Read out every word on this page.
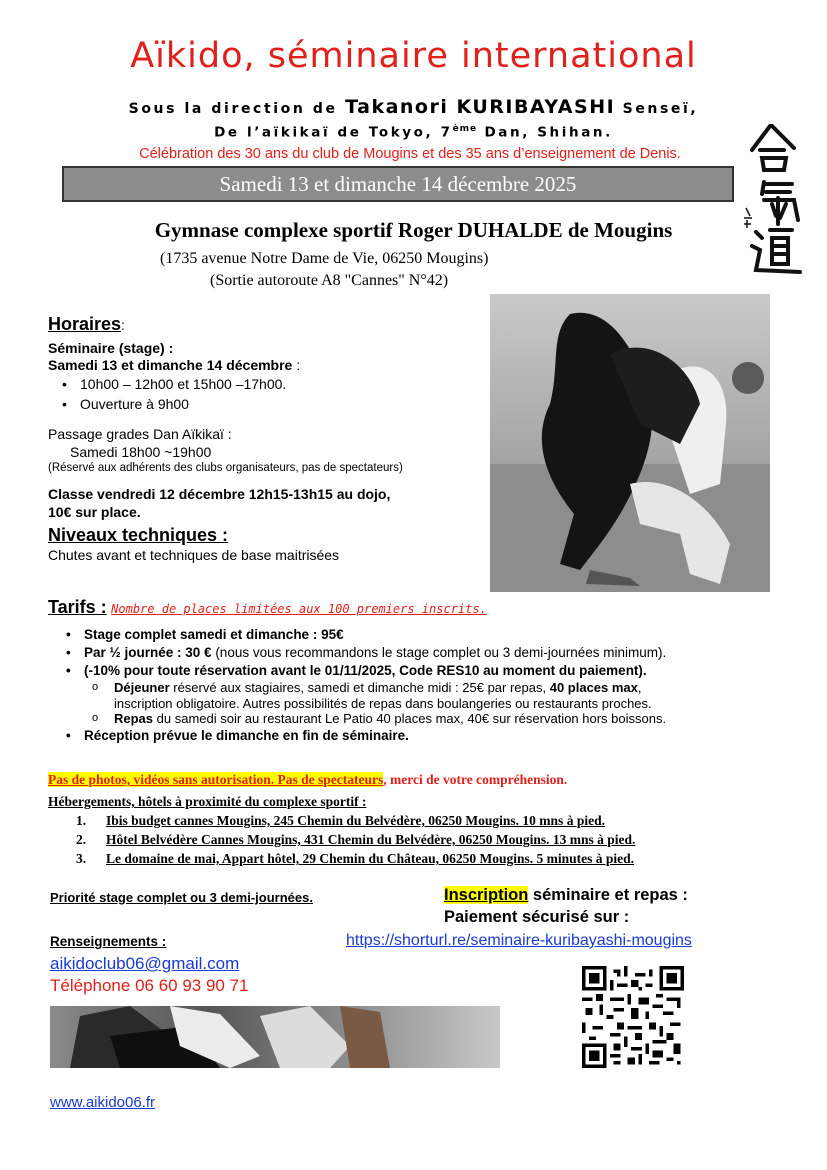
Aïkido, séminaire international
Sous la direction de Takanori KURIBAYASHI Senseï,
De l’aïkikaï de Tokyo, 7ème Dan, Shihan.
Célébration des 30 ans du club de Mougins et des 35 ans d’enseignement de Denis.
Samedi 13 et dimanche 14 décembre 2025
Gymnase complexe sportif Roger DUHALDE de Mougins
(1735 avenue Notre Dame de Vie, 06250 Mougins)
(Sortie autoroute A8 "Cannes" N°42)
Horaires:
Séminaire (stage) :
Samedi 13 et dimanche 14 décembre :
• 10h00 – 12h00 et 15h00 –17h00.
• Ouverture à 9h00
Passage grades Dan Aïkikaï :
Samedi 18h00 ~19h00
(Réservé aux adhérents des clubs organisateurs, pas de spectateurs)
Classe vendredi 12 décembre 12h15-13h15 au dojo,
10€ sur place.
Niveaux techniques :
Chutes avant et techniques de base maitrisées
Tarifs : Nombre de places limitées aux 100 premiers inscrits.
• Stage complet samedi et dimanche : 95€
• Par ½ journée : 30 € (nous vous recommandons le stage complet ou 3 demi-journées minimum).
• (-10% pour toute réservation avant le 01/11/2025, Code RES10 au moment du paiement).
o Déjeuner réservé aux stagiaires, samedi et dimanche midi : 25€ par repas, 40 places max,
inscription obligatoire. Autres possibilités de repas dans boulangeries ou restaurants proches.
o Repas du samedi soir au restaurant Le Patio 40 places max, 40€ sur réservation hors boissons.
• Réception prévue le dimanche en fin de séminaire.
Pas de photos, vidéos sans autorisation. Pas de spectateurs, merci de votre compréhension.
Hébergements, hôtels à proximité du complexe sportif :
1. Ibis budget cannes Mougins, 245 Chemin du Belvédère, 06250 Mougins. 10 mns à pied.
2. Hôtel Belvédère Cannes Mougins, 431 Chemin du Belvédère, 06250 Mougins. 13 mns à pied.
3. Le domaine de mai, Appart hôtel, 29 Chemin du Château, 06250 Mougins. 5 minutes à pied.
Priorité stage complet ou 3 demi-journées.	Inscription séminaire et repas :
Paiement sécurisé sur :
Renseignements :	https://shorturl.re/seminaire-kuribayashi-mougins
aikidoclub06@gmail.com
Téléphone 06 60 93 90 71
www.aikido06.fr
